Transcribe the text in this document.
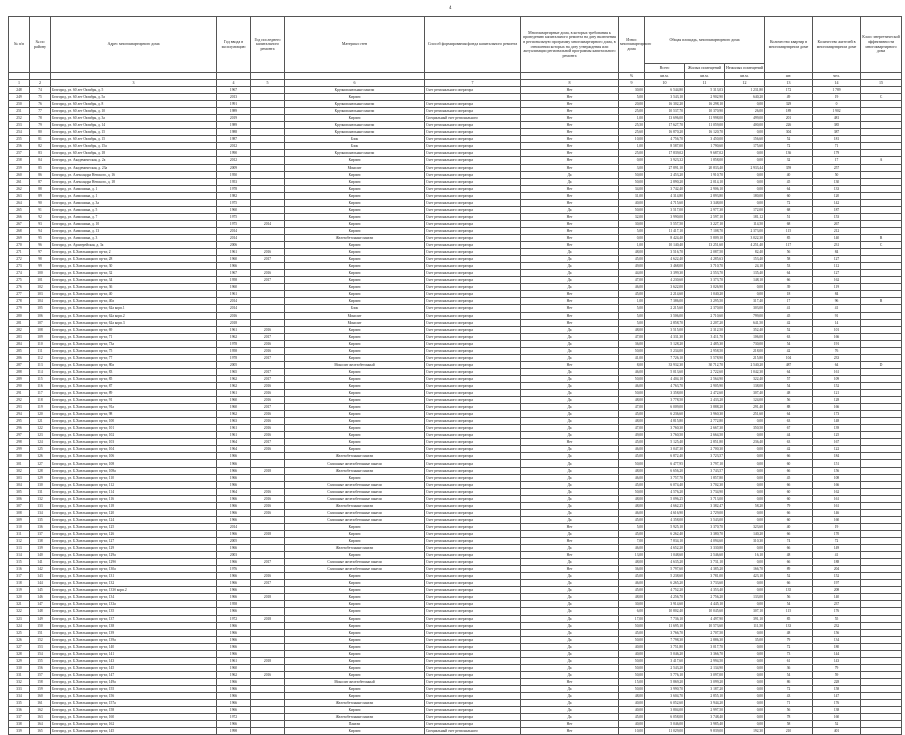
4
№ п/п	№ по району	Адрес многоквартирного дома	Год ввода в эксплуатацию	Год последнего капитального ремонта	Материал стен	Способ формирования фонда капитального ремонта	Многоквартирные дома, в которых требования к проведению капитального ремонта на дату включения в региональную программу многоквартирного дома, в отношении которых на дату утверждения или актуализации региональной программы капитального ремонта	Износ многоквартирного дома	Общая площадь, многоквартирного дома			Количество квартир в многоквартирном доме	Количество жителей в многоквартирном доме	Класс энергетической эффективности многоквартирного дома
									Всего	Жилых помещений	Нежилых помещений			
								%	кв.м.	кв.м.	кв.м.	шт.	чел.	
1	2	3	4	5	6	7	8	9	10	11	12	13	14	15
248	74	Белгород, ул. 60 лет Октября, д. 5	1967		Крупнопанельные панели	Счет регионального оператора	Нет	30,00	6 544,80	5 313,03	1 231,80	172	1 789	
249	75	Белгород, ул. 60 лет Октября, д. 5а	2013		Кирпич		Нет	5,00	3 543,10	2 902,90	640,20	49	19	C
250	76	Белгород, ул. 60 лет Октября, д. 8	1991		Крупнопанельные панели	Счет регионального оператора	Нет	20,00	16 302,20	16 298,10	0,00	329	0	
251	77	Белгород, ул. 60 лет Октября, д. 10	1989		Крупнопанельные панели	Счет регионального оператора	Нет	25,00	10 537,70	10 370,90	26,00	189	1 902	
252	78	Белгород, ул. 60 лет Октября, д. 3а	2019		Кирпич	Специальный счет регионального	Нет	1,00	13 696,00	11 998,00	499,00	201	481	
253	79	Белгород, ул. 60 лет Октября, д. 14	1989		Крупнопанельные панели	Счет регионального оператора	Нет	25,50	17 627,70	11 059,00	400,00	226	385	
254	80	Белгород, ул. 60 лет Октября, д. 15	1988		Крупнопанельные панели	Счет регионального оператора	Нет	25,60	16 870,20	16 120,70	0,00	304	387	
255	81	Белгород, ул. 60 лет Октября, д. 15	1987		Блок	Счет регионального оператора	Нет	10,00	4 756,70	3 450,00	156,60	52	181	
256	82	Белгород, ул. 60 лет Октября, д. 15а	2012		Блок	Счет регионального оператора	Нет	1,00	8 587,00	1 790,60	175,60	72	71	
257	83	Белгород, ул. 60 лет Октября, д. 18	1990		Крупнопанельные панели	Счет регионального оператора	Нет	25,00	17 839,02	9 687,02	0,00	136	179	
258	84	Белгород, ул. Академическая, д. 2а	2012		Кирпич	Счет регионального оператора	Нет	0,00	3 923,32	1 858,00	0,00	32	17	A
259	85	Белгород, ул. Академическая, д. 23а	2009		Монолит	Счет регионального оператора	Нет	3,00	27 891,10	20 833,40	2 933,44	359	257	
260	86	Белгород, ул. Александра Невского, д. 16	1950		Кирпич	Счет регионального оператора	Да	50,00	2 453,20	1 910,70	0,00	40	50	
261	87	Белгород, ул. Александра Невского, д. 18	1953		Кирпич	Счет регионального оператора	Да	50,00	2 890,20	2 014,10	0,00	45	130	
262	88	Белгород, ул. Аммошина, д. 1	1978		Кирпич	Счет регионального оператора	Нет	34,00	3 742,40	2 906,10	0,00	64	133	
263	89	Белгород, ул. Аммошина, д. 1	1982		Кирпич	Счет регионального оператора	Нет	31,00	4 314,80	2 893,80	180,00	60	120	
264	90	Белгород, ул. Аммошина, д. 3а	1975		Кирпич	Счет регионального оператора	Нет	40,00	4 715,60	3 348,00	0,00	72	142	
265	91	Белгород, ул. Аммошина, д. 5	1960		Кирпич	Счет регионального оператора	Да	50,00	3 517,00	2 977,30	172,00	68	187	
266	92	Белгород, ул. Аммошина, д. 7	1975		Кирпич	Счет регионального оператора	Нет	32,00	3 990,00	2 597,10	181,12	51	153	
267	93	Белгород, ул. Аммошина, д. 10	1975	2014	Кирпич	Счет регионального оператора	Нет	30,00	5 557,50	3 227,10	114,50	68	267	
268	94	Белгород, ул. Аммошина, д. 13	2014		Кирпич	Счет регионального оператора	Нет	5,00	11 417,10	7 108,70	2 373,00	115	212	
269	95	Белгород, ул. Аммошина, д. 3	2014		Железобетонные панели	Счет регионального оператора	Нет	0,00	8 424,40	5 809,10	3 022,30	85	140	B
270	96	Белгород, ул. Архиерейская, д. 3а	2006		Кирпич	Счет регионального оператора	Нет	1,00	10 140,40	13 251,60	4 251,40	117	231	C
271	97	Белгород, ул. Б.Хмельницкого пр-кт, 2	1961	2016	Кирпич	Счет регионального оператора	Да	48,00	3 516,70	2 087,50	82,40	56	84	
272	98	Белгород, ул. Б.Хмельницкого пр-кт, 28	1960	2017	Кирпич	Счет регионального оператора	Да	45,00	4 622,40	4 285,63	153,40	58	127	
273	99	Белгород, ул. Б.Хмельницкого пр-кт, 30	1966		Кирпич	Счет регионального оператора	Да	49,00	3 468,00	3 710,70	24,10	53	112	
274	100	Белгород, ул. Б.Хмельницкого пр-кт, 32	1967	2016	Кирпич	Счет регионального оператора	Да	44,00	3 399,30	2 553,70	135,40	64	127	
275	101	Белгород, ул. Б.Хмельницкого пр-кт, 34	1958	2017	Кирпич	Счет регионального оператора	Да	47,00	4 230,60	3 373,70	148,10	66	162	
276	102	Белгород, ул. Б.Хмельницкого пр-кт, 36	1960		Кирпич	Счет регионального оператора	Да	46,00	3 622,00	3 026,90	0,00	39	119	
277	103	Белгород, ул. Б.Хмельницкого пр-кт, 40	1961		Кирпич	Счет регионального оператора	Нет	45,00	2 214,60	1 040,20	0,00	18	84	
278	104	Белгород, ул. Б.Хмельницкого пр-кт, 40а	2014		Кирпич	Счет регионального оператора	Нет	1,00	7 386,00	3 295,50	317,40	17	96	B
279	105	Белгород, ул. Б.Хмельницкого пр-кт, 62а корп.1	2014		Блок	Счет регионального оператора	Нет	5,00	2 215,60	2 370,00	303,00	41	41	
280	106	Белгород, ул. Б.Хмельницкого пр-кт, 62а корп.2	2016		Монолит	Счет регионального оператора	Нет	5,00	3 506,00	2 710,60	799,00	45	91	
281	107	Белгород, ул. Б.Хмельницкого пр-кт, 62а корп.3	2018		Монолит	Счет регионального оператора	Нет	5,00	2 858,70	2 207,20	641,50	42	14	
282	108	Белгород, ул. Б.Хмельницкого пр-кт, 69	1961	2016	Кирпич	Счет регионального оператора	Да	48,00	3 515,00	2 312,50	352,40	52	101	
283	109	Белгород, ул. Б.Хмельницкого пр-кт, 71	1962	2017	Кирпич	Счет регионального оператора	Да	47,00	4 331,30	3 411,70	106,00	63	166	
284	110	Белгород, ул. Б.Хмельницкого пр-кт, 73а	1978	2016	Кирпич	Счет регионального оператора	Да	36,00	5 128,20	2 485,30	730,00	54	191	
285	111	Белгород, ул. Б.Хмельницкого пр-кт, 75	1958	2016	Кирпич	Счет регионального оператора	Да	50,00	5 234,00	2 958,50	218,00	42	76	
286	112	Белгород, ул. Б.Хмельницкого пр-кт, 77	1978	2017	Кирпич	Счет регионального оператора	Да	41,00	7 726,10	5 578,90	215,80	104	233	
287	113	Белгород, ул. Б.Хмельницкого пр-кт, 80а	2005		Монолит железобетонный	Счет регионального оператора	Нет	8,00	33 932,30	30 712,70	2 540,20	487	64	D
288	114	Белгород, ул. Б.Хмельницкого пр-кт, 83	1965	2017	Кирпич	Счет регионального оператора	Да	46,00	5 013,60	2 722,60	1 042,30	64	161	
289	115	Белгород, ул. Б.Хмельницкого пр-кт, 85	1962	2017	Кирпич	Счет регионального оператора	Да	50,00	4 404,10	2 564,90	322,40	57	109	
290	116	Белгород, ул. Б.Хмельницкого пр-кт, 87	1962	2016	Кирпич	Счет регионального оператора	Да	46,00	4 763,70	2 905,90	138,00	54	152	
291	117	Белгород, ул. Б.Хмельницкого пр-кт, 89	1961	2016	Кирпич	Счет регионального оператора	Да	50,00	3 358,00	2 472,60	307,40	48	121	
292	118	Белгород, ул. Б.Хмельницкого пр-кт, 91	1960	2016	Кирпич	Счет регионального оператора	Да	48,00	3 778,50	2 433,20	124,00	56	128	
293	119	Белгород, ул. Б.Хмельницкого пр-кт, 91а	1960	2017	Кирпич	Счет регионального оператора	Да	47,00	6 009,00	3 888,20	291,40	88	166	
294	120	Белгород, ул. Б.Хмельницкого пр-кт, 98	1962	2016	Кирпич	Счет регионального оператора	Да	45,00	6 236,60	3 960,30	251,60	64	173	
295	121	Белгород, ул. Б.Хмельницкого пр-кт, 100	1963	2016	Кирпич	Счет регионального оператора	Да	48,00	4 815,80	2 772,80	0,00	63	148	
296	122	Белгород, ул. Б.Хмельницкого пр-кт, 101	1961	2016	Кирпич	Счет регионального оператора	Да	47,00	3 760,30	2 667,30	350,50	67	139	
297	123	Белгород, ул. Б.Хмельницкого пр-кт, 102	1961	2016	Кирпич	Счет регионального оператора	Да	49,00	3 760,50	2 664,50	0,00	44	125	
298	124	Белгород, ул. Б.Хмельницкого пр-кт, 103	1964	2017	Кирпич	Счет регионального оператора	Нет	45,00	5 125,40	2 851,80	236,40	63	167	
299	125	Белгород, ул. Б.Хмельницкого пр-кт, 104	1964	2016	Кирпич	Счет регионального оператора	Да	46,00	3 047,30	2 700,30	0,00	42	122	
300	126	Белгород, ул. Б.Хмельницкого пр-кт, 106	1966		Железобетонные панели	Счет регионального оператора	Да	45,00	6 872,40	3 723,57	0,00	66	184	
301	127	Белгород, ул. Б.Хмельницкого пр-кт, 108	1966		Сплошные железобетонные панели	Счет регионального оператора	Да	50,00	6 477,95	3 797,10	0,00	60	151	
302	128	Белгород, ул. Б.Хмельницкого пр-кт, 108а	1966	2018	Железобетонные панели	Счет регионального оператора	Да	48,00	6 656,20	3 743,57	0,00	66	156	
303	129	Белгород, ул. Б.Хмельницкого пр-кт, 110	1966		Кирпич	Счет регионального оператора	Да	46,00	3 757,70	1 857,80	0,00	45	108	
304	130	Белгород, ул. Б.Хмельницкого пр-кт, 112	1966		Сплошные железобетонные панели	Счет регионального оператора	Да	45,00	6 074,40	3 702,30	0,00	66	166	
305	131	Белгород, ул. Б.Хмельницкого пр-кт, 114	1964	2016	Сплошные железобетонные панели	Счет регионального оператора	Да	50,00	4 576,20	3 734,90	0,00	60	162	
306	132	Белгород, ул. Б.Хмельницкого пр-кт, 116	1966	2016	Сплошные железобетонные панели	Счет регионального оператора	Да	48,00	5 096,25	3 713,00	0,00	60	161	
307	133	Белгород, ул. Б.Хмельницкого пр-кт, 118	1966	2016	Железобетонные панели	Счет регионального оператора	Да	48,00	4 662,25	3 382,47	58,20	79	161	
308	134	Белгород, ул. Б.Хмельницкого пр-кт, 120	1966	2016	Сплошные железобетонные панели	Счет регионального оператора	Да	46,00	4 616,90	2 729,00	0,00	66	146	
309	135	Белгород, ул. Б.Хмельницкого пр-кт, 124	1966		Сплошные железобетонные панели	Счет регионального оператора	Да	45,00	4 358,00	3 543,00	0,00	60	160	
310	136	Белгород, ул. Б.Хмельницкого пр-кт, 125	2014		Кирпич	Счет регионального оператора	Нет	5,00	5 925,10	3 370,70	323,60	40	19	
311	137	Белгород, ул. Б.Хмельницкого пр-кт, 126	1966	2018	Кирпич	Счет регионального оператора	Да	45,00	6 262,40	3 380,70	140,20	66	170	
312	138	Белгород, ул. Б.Хмельницкого пр-кт, 127	2005		Кирпич	Счет регионального оператора	Нет	7,00	7 834,10	4 094,60	310,30	74	72	
313	139	Белгород, ул. Б.Хмельницкого пр-кт, 129	1966		Железобетонные панели	Счет регионального оператора	Да	46,00	4 652,20	3 330,80	0,00	66	149	
314	140	Белгород, ул. Б.Хмельницкого пр-кт, 129а	2003		Кирпич	Счет регионального оператора	Нет	13,00	1 048,60	2 546,60	16,10	48	41	
315	141	Белгород, ул. Б.Хмельницкого пр-кт, 129б	1966	2017	Сплошные железобетонные панели	Счет регионального оператора	Да	48,00	4 635,20	3 731,10	0,00	66	188	
316	142	Белгород, ул. Б.Хмельницкого пр-кт, 130а	1976		Сплошные железобетонные панели	Счет регионального оператора	Нет	36,00	5 797,60	4 385,20	166,70	89	204	
317	143	Белгород, ул. Б.Хмельницкого пр-кт, 131	1966	2016	Кирпич	Счет регионального оператора	Да	45,00	5 238,60	3 781,00	423,10	52	152	
318	144	Белгород, ул. Б.Хмельницкого пр-кт, 132	1966	2017	Кирпич	Счет регионального оператора	Да	46,00	6 265,20	3 733,60	0,00	66	197	
319	145	Белгород, ул. Б.Хмельницкого пр-кт, 133б корп.2	1966		Кирпич	Счет регионального оператора	Да	45,00	4 752,20	4 353,40	0,00	135	208	
320	146	Белгород, ул. Б.Хмельницкого пр-кт, 134	1966	2018	Кирпич	Счет регионального оператора	Да	48,00	4 256,70	2 756,20	133,00	56	140	
321	147	Белгород, ул. Б.Хмельницкого пр-кт, 133а	1958		Кирпич	Счет регионального оператора	Да	30,00	3 914,60	4 445,10	0,00	54	237	
322	148	Белгород, ул. Б.Хмельницкого пр-кт, 135	1966		Кирпич	Счет регионального оператора	Да	6,00	10 802,40	10 045,60	307,10	115	176	
323	149	Белгород, ул. Б.Хмельницкого пр-кт, 137	1972	2018	Кирпич	Счет регионального оператора	Да	17,00	7 736,10	4 497,90	391,10	85	55	
324	150	Белгород, ул. Б.Хмельницкого пр-кт, 138	1966		Кирпич	Счет регионального оператора	Да	50,00	11 695,10	10 573,60	111,50	133	232	
325	151	Белгород, ул. Б.Хмельницкого пр-кт, 139	1966		Кирпич	Счет регионального оператора	Да	45,00	3 766,70	2 707,50	0,00	48	156	
326	152	Белгород, ул. Б.Хмельницкого пр-кт, 139а	1966		Кирпич	Счет регионального оператора	Да	50,00	7 798,30	2 886,30	35,00	79	134	
327	153	Белгород, ул. Б.Хмельницкого пр-кт, 140	1966		Кирпич	Счет регионального оператора	Да	40,00	3 751,80	3 017,70	0,00	72	180	
328	154	Белгород, ул. Б.Хмельницкого пр-кт, 141	1966		Кирпич	Счет регионального оператора	Да	40,00	5 046,20	3 366,70	0,00	73	144	
329	155	Белгород, ул. Б.Хмельницкого пр-кт, 143	1961	2018	Кирпич	Счет регионального оператора	Да	50,00	3 417,60	2 994,50	0,00	61	143	
330	156	Белгород, ул. Б.Хмельницкого пр-кт, 145	1960		Кирпич	Счет регионального оператора	Да	50,00	2 543,20	2 134,90	0,00	36	79	
331	157	Белгород, ул. Б.Хмельницкого пр-кт, 147	1962	2016	Кирпич	Счет регионального оператора	Да	50,00	5 776,10	3 097,00	0,00	54	59	
332	158	Белгород, ул. Б.Хмельницкого пр-кт, 149а	1966		Монолит железобетонный	Счет регионального оператора	Нет	15,00	5 869,20	3 099,20	0,00	86	228	
333	159	Белгород, ул. Б.Хмельницкого пр-кт, 155	1966		Кирпич	Счет регионального оператора	Да	50,00	3 990,70	3 187,20	0,00	72	158	
334	160	Белгород, ул. Б.Хмельницкого пр-кт, 156	1966		Кирпич	Счет регионального оператора	Да	48,00	3 604,70	2 855,10	0,00	43	147	
335	161	Белгород, ул. Б.Хмельницкого пр-кт, 157а	1966		Железобетонные панели	Счет регионального оператора	Да	40,00	6 052,60	3 944,20	0,00	71	176	
336	162	Белгород, ул. Б.Хмельницкого пр-кт, 158	1966		Кирпич	Счет регионального оператора	Да	40,00	3 804,00	2 997,50	0,00	56	138	
337	163	Белгород, ул. Б.Хмельницкого пр-кт, 160	1972		Железобетонные панели	Счет регионального оператора	Да	45,00	6 058,00	3 748,40	0,00	78	160	
338	164	Белгород, ул. Б.Хмельницкого пр-кт, 162	1966		Панели	Счет регионального оператора	Нет	40,00	5 046,00	3 985,40	0,00	58	52	
339	165	Белгород, ул. Б.Хмельницкого пр-кт, 145	1998		Кирпич	Специальный счет регионального	Нет	10,00	11 029,00	9 839,00	192,30	210	401	
